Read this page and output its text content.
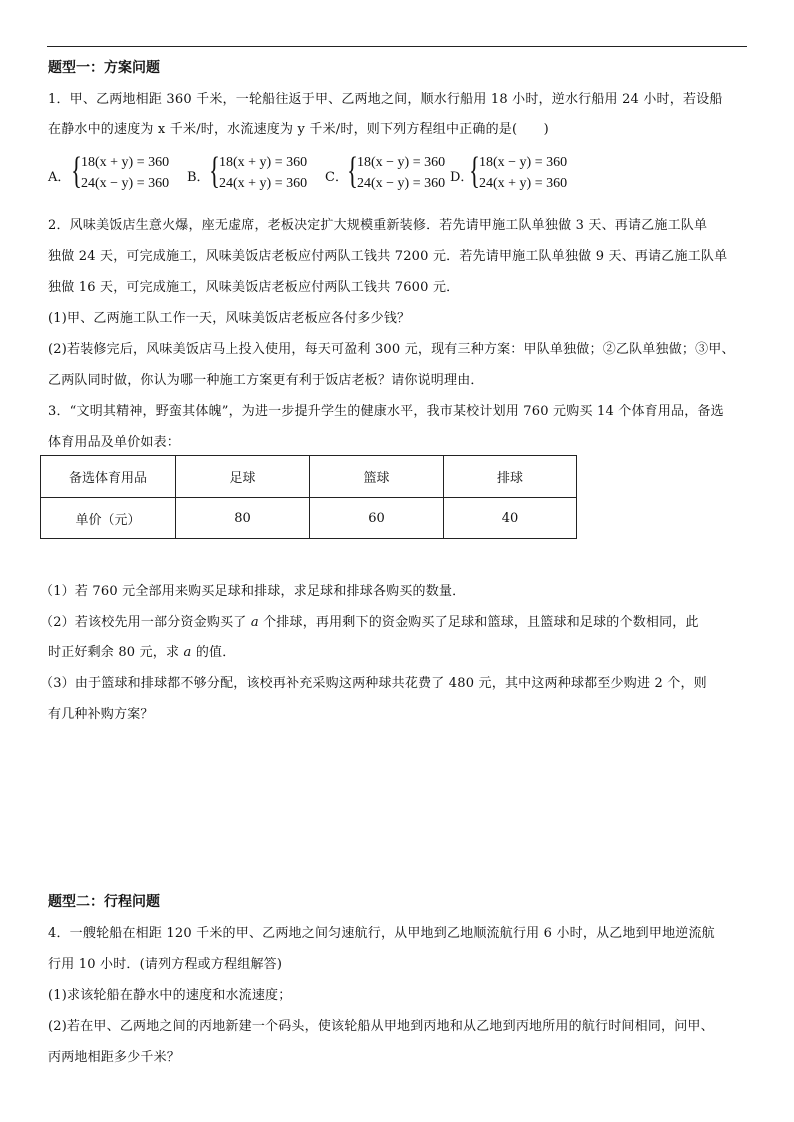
题型一：方案问题
1．甲、乙两地相距 360 千米，一轮船往返于甲、乙两地之间，顺水行船用 18 小时，逆水行船用 24 小时，若设船
在静水中的速度为 x 千米/时，水流速度为 y 千米/时，则下列方程组中正确的是(　　)
A． { 18(x + y) = 360
24(x − y) = 360 B． { 18(x + y) = 360
24(x + y) = 360 C． { 18(x − y) = 360
24(x − y) = 360 D．
{ 18(x − y) = 360
24(x + y) = 360
2．风味美饭店生意火爆，座无虚席，老板决定扩大规模重新装修．若先请甲施工队单独做 3 天、再请乙施工队单
独做 24 天，可完成施工，风味美饭店老板应付两队工钱共 7200 元．若先请甲施工队单独做 9 天、再请乙施工队单
独做 16 天，可完成施工，风味美饭店老板应付两队工钱共 7600 元．
(1)甲、乙两施工队工作一天，风味美饭店老板应各付多少钱？
(2)若装修完后，风味美饭店马上投入使用，每天可盈利 300 元，现有三种方案：甲队单独做；②乙队单独做；③甲、
乙两队同时做，你认为哪一种施工方案更有利于饭店老板？请你说明理由．
3．“文明其精神，野蛮其体魄”，为进一步提升学生的健康水平，我市某校计划用 760 元购买 14 个体育用品，备选
体育用品及单价如表：
备选体育用品	足球	篮球	排球
单价（元）	80	60	40
（1）若 760 元全部用来购买足球和排球，求足球和排球各购买的数量．
（2）若该校先用一部分资金购买了 a 个排球，再用剩下的资金购买了足球和篮球，且篮球和足球的个数相同，此
时正好剩余 80 元，求 a 的值．
（3）由于篮球和排球都不够分配，该校再补充采购这两种球共花费了 480 元，其中这两种球都至少购进 2 个，则
有几种补购方案？
题型二：行程问题
4．一艘轮船在相距 120 千米的甲、乙两地之间匀速航行，从甲地到乙地顺流航行用 6 小时，从乙地到甲地逆流航
行用 10 小时．(请列方程或方程组解答)
(1)求该轮船在静水中的速度和水流速度；
(2)若在甲、乙两地之间的丙地新建一个码头，使该轮船从甲地到丙地和从乙地到丙地所用的航行时间相同，问甲、
丙两地相距多少千米？
